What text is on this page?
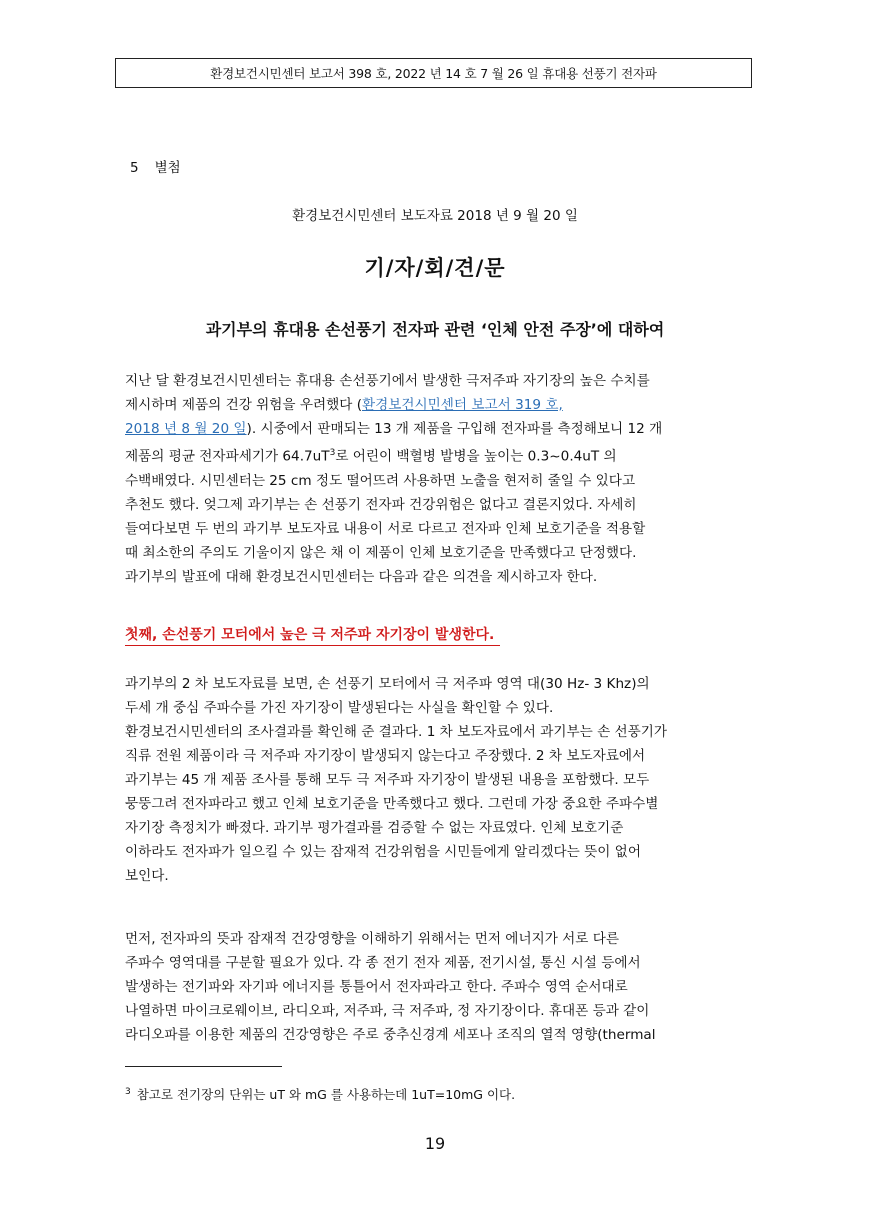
환경보건시민센터 보고서 398 호, 2022 년 14 호 7 월 26 일 휴대용 선풍기 전자파
5 별첨
환경보건시민센터 보도자료 2018 년 9 월 20 일
기/자/회/견/문
과기부의 휴대용 손선풍기 전자파 관련 ‘인체 안전 주장’에 대하여

지난 달 환경보건시민센터는 휴대용 손선풍기에서 발생한 극저주파 자기장의 높은 수치를
제시하며 제품의 건강 위험을 우려했다 (환경보건시민센터 보고서 319 호,
2018 년 8 월 20 일). 시중에서 판매되는 13 개 제품을 구입해 전자파를 측정해보니 12 개
제품의 평균 전자파세기가 $64.7uT^3$로 어린이 백혈병 발병을 높이는 0.3~0.4uT 의
수백배였다. 시민센터는 25 cm 정도 떨어뜨려 사용하면 노출을 현저히 줄일 수 있다고
추천도 했다. 엊그제 과기부는 손 선풍기 전자파 건강위험은 없다고 결론지었다. 자세히
들여다보면 두 번의 과기부 보도자료 내용이 서로 다르고 전자파 인체 보호기준을 적용할
때 최소한의 주의도 기울이지 않은 채 이 제품이 인체 보호기준을 만족했다고 단정했다.
과기부의 발표에 대해 환경보건시민센터는 다음과 같은 의견을 제시하고자 한다.

첫째, 손선풍기 모터에서 높은 극 저주파 자기장이 발생한다.

과기부의 2 차 보도자료를 보면, 손 선풍기 모터에서 극 저주파 영역 대(30 Hz- 3 Khz)의
두세 개 중심 주파수를 가진 자기장이 발생된다는 사실을 확인할 수 있다.
환경보건시민센터의 조사결과를 확인해 준 결과다. 1 차 보도자료에서 과기부는 손 선풍기가
직류 전원 제품이라 극 저주파 자기장이 발생되지 않는다고 주장했다. 2 차 보도자료에서
과기부는 45 개 제품 조사를 통해 모두 극 저주파 자기장이 발생된 내용을 포함했다. 모두
뭉뚱그려 전자파라고 했고 인체 보호기준을 만족했다고 했다. 그런데 가장 중요한 주파수별
자기장 측정치가 빠졌다. 과기부 평가결과를 검증할 수 없는 자료였다. 인체 보호기준
이하라도 전자파가 일으킬 수 있는 잠재적 건강위험을 시민들에게 알리겠다는 뜻이 없어
보인다.

먼저, 전자파의 뜻과 잠재적 건강영향을 이해하기 위해서는 먼저 에너지가 서로 다른
주파수 영역대를 구분할 필요가 있다. 각 종 전기 전자 제품, 전기시설, 통신 시설 등에서
발생하는 전기파와 자기파 에너지를 통틀어서 전자파라고 한다. 주파수 영역 순서대로
나열하면 마이크로웨이브, 라디오파, 저주파, 극 저주파, 정 자기장이다. 휴대폰 등과 같이
라디오파를 이용한 제품의 건강영향은 주로 중추신경계 세포나 조직의 열적 영향(thermal

$^3$ 참고로 전기장의 단위는 uT 와 mG 를 사용하는데 1uT=10mG 이다.
19
